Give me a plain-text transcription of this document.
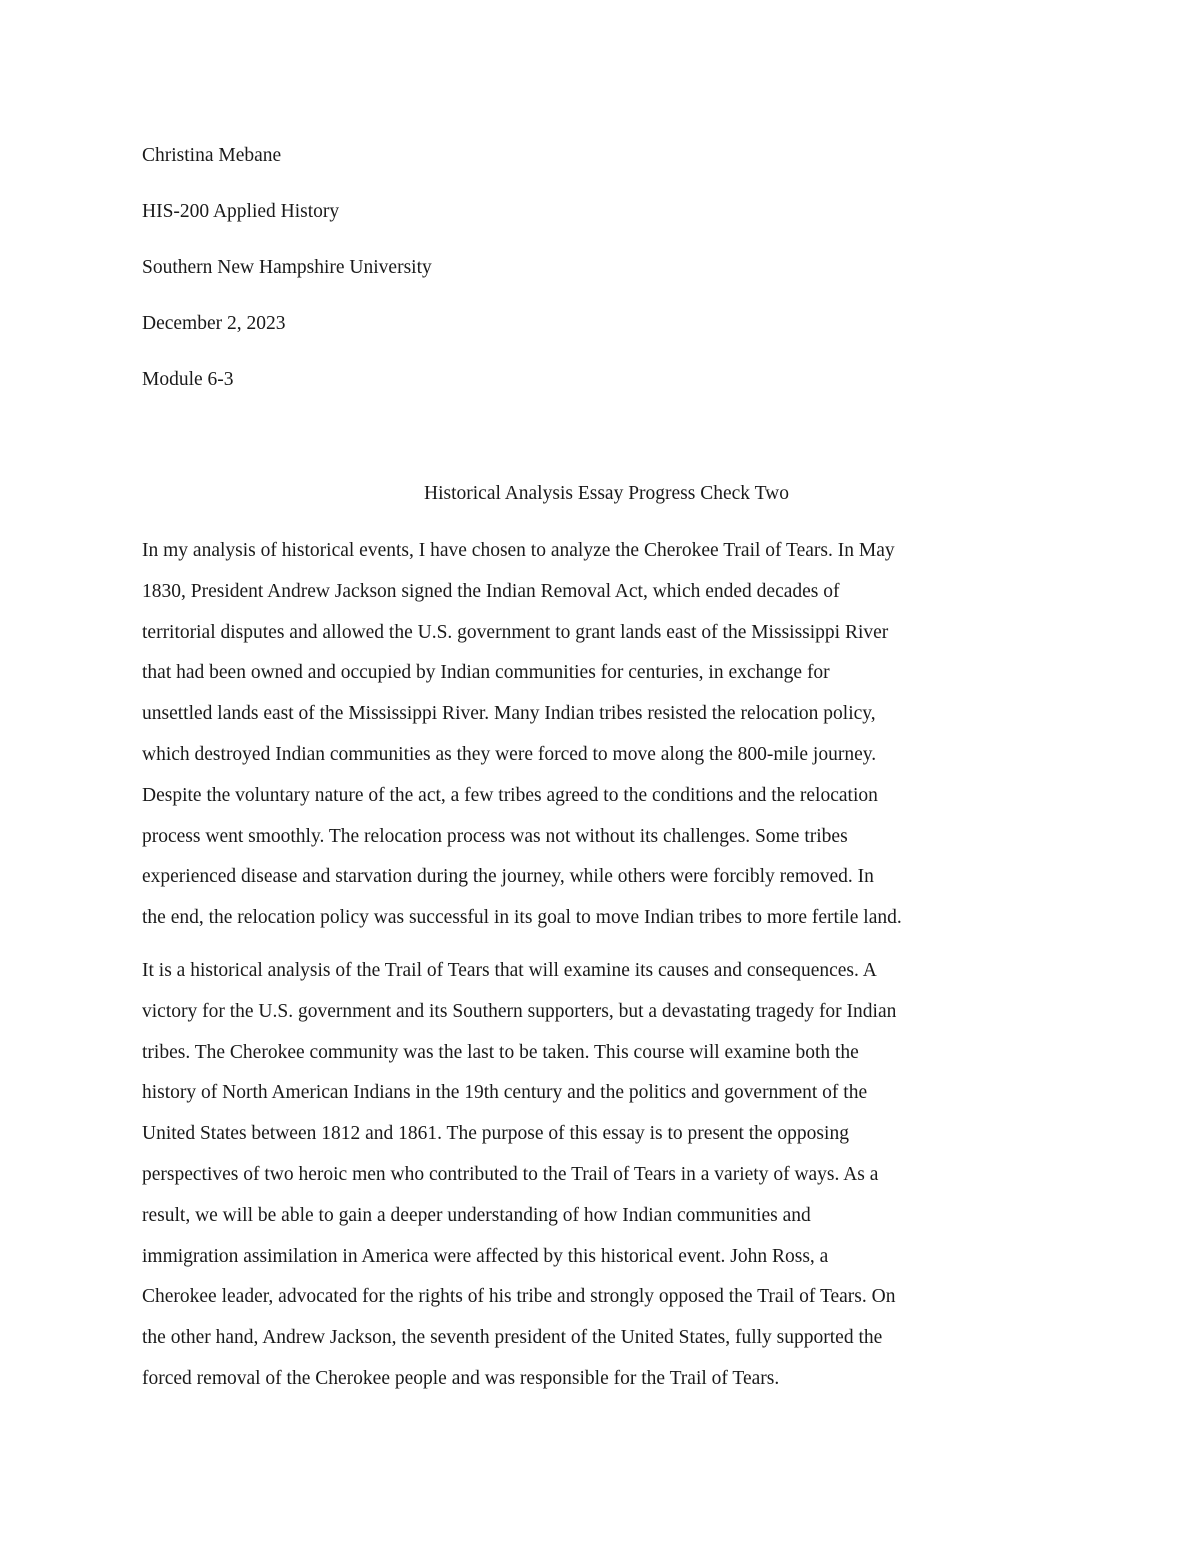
Christina Mebane

HIS-200 Applied History

Southern New Hampshire University

December 2, 2023

Module 6-3

Historical Analysis Essay Progress Check Two
In my analysis of historical events, I have chosen to analyze the Cherokee Trail of Tears. In May
1830, President Andrew Jackson signed the Indian Removal Act, which ended decades of
territorial disputes and allowed the U.S. government to grant lands east of the Mississippi River
that had been owned and occupied by Indian communities for centuries, in exchange for
unsettled lands east of the Mississippi River. Many Indian tribes resisted the relocation policy,
which destroyed Indian communities as they were forced to move along the 800-mile journey.
Despite the voluntary nature of the act, a few tribes agreed to the conditions and the relocation
process went smoothly. The relocation process was not without its challenges. Some tribes
experienced disease and starvation during the journey, while others were forcibly removed. In
the end, the relocation policy was successful in its goal to move Indian tribes to more fertile land.
It is a historical analysis of the Trail of Tears that will examine its causes and consequences. A
victory for the U.S. government and its Southern supporters, but a devastating tragedy for Indian
tribes. The Cherokee community was the last to be taken. This course will examine both the
history of North American Indians in the 19th century and the politics and government of the
United States between 1812 and 1861. The purpose of this essay is to present the opposing
perspectives of two heroic men who contributed to the Trail of Tears in a variety of ways. As a
result, we will be able to gain a deeper understanding of how Indian communities and
immigration assimilation in America were affected by this historical event. John Ross, a
Cherokee leader, advocated for the rights of his tribe and strongly opposed the Trail of Tears. On
the other hand, Andrew Jackson, the seventh president of the United States, fully supported the
forced removal of the Cherokee people and was responsible for the Trail of Tears.
